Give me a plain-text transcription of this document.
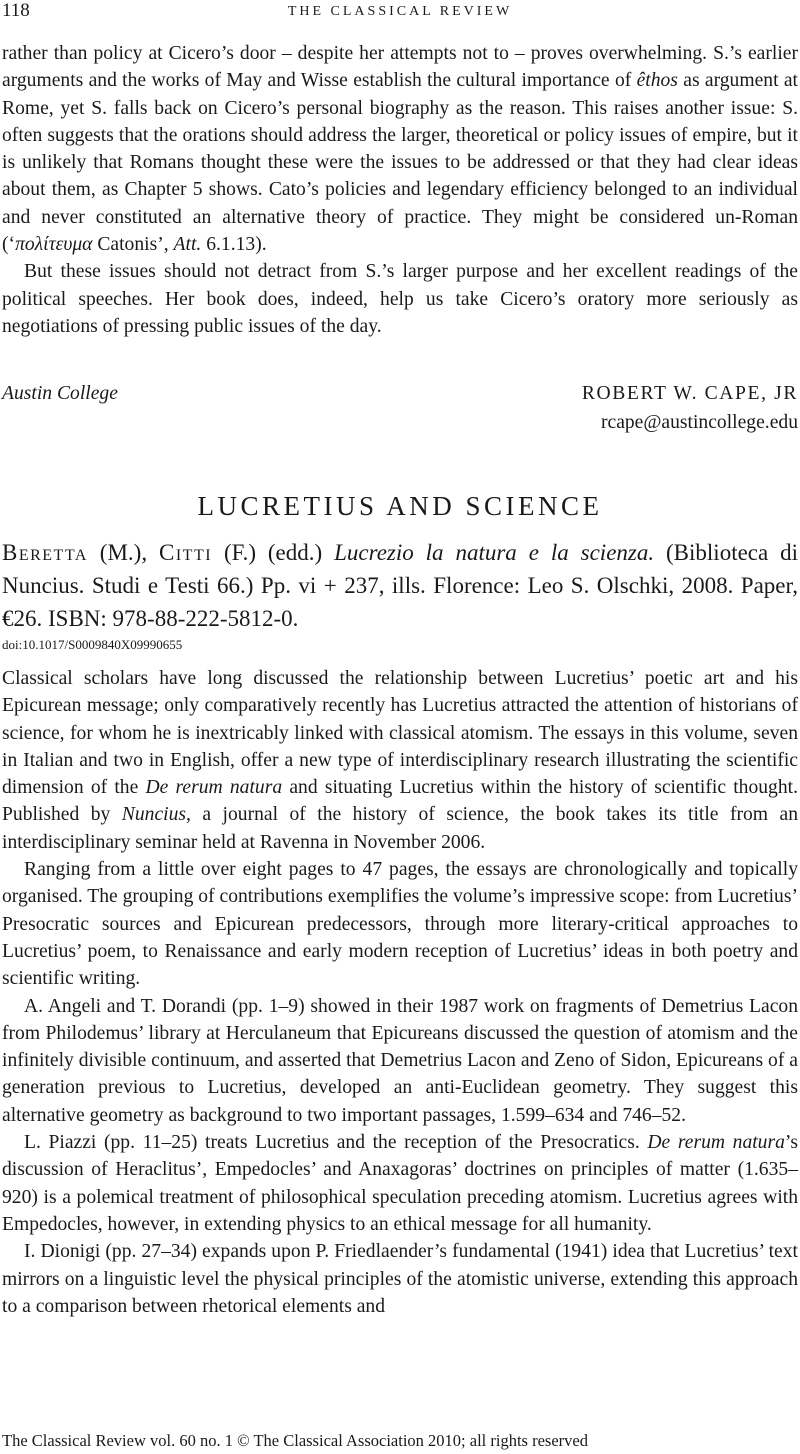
118	THE CLASSICAL REVIEW

rather than policy at Cicero’s door – despite her attempts not to – proves overwhelming. S.’s earlier arguments and the works of May and Wisse establish the cultural importance of êthos as argument at Rome, yet S. falls back on Cicero’s personal biography as the reason. This raises another issue: S. often suggests that the orations should address the larger, theoretical or policy issues of empire, but it is unlikely that Romans thought these were the issues to be addressed or that they had clear ideas about them, as Chapter 5 shows. Cato’s policies and legendary efficiency belonged to an individual and never constituted an alternative theory of practice. They might be considered un-Roman (‘πολίτευμα Catonis’, Att. 6.1.13).

But these issues should not detract from S.’s larger purpose and her excellent readings of the political speeches. Her book does, indeed, help us take Cicero’s oratory more seriously as negotiations of pressing public issues of the day.

Austin College	ROBERT W. CAPE, JR
rcape@austincollege.edu
LUCRETIUS AND SCIENCE
Beretta (M.), Citti (F.) (edd.) Lucrezio la natura e la scienza. (Biblioteca di Nuncius. Studi e Testi 66.) Pp. vi + 237, ills. Florence: Leo S. Olschki, 2008. Paper, €26. ISBN: 978-88-222-5812-0.
doi:10.1017/S0009840X09990655

Classical scholars have long discussed the relationship between Lucretius’ poetic art and his Epicurean message; only comparatively recently has Lucretius attracted the attention of historians of science, for whom he is inextricably linked with classical atomism. The essays in this volume, seven in Italian and two in English, offer a new type of interdisciplinary research illustrating the scientific dimension of the De rerum natura and situating Lucretius within the history of scientific thought. Published by Nuncius, a journal of the history of science, the book takes its title from an interdisciplinary seminar held at Ravenna in November 2006.

Ranging from a little over eight pages to 47 pages, the essays are chronologically and topically organised. The grouping of contributions exemplifies the volume’s impressive scope: from Lucretius’ Presocratic sources and Epicurean predecessors, through more literary-critical approaches to Lucretius’ poem, to Renaissance and early modern reception of Lucretius’ ideas in both poetry and scientific writing.

A. Angeli and T. Dorandi (pp. 1–9) showed in their 1987 work on fragments of Demetrius Lacon from Philodemus’ library at Herculaneum that Epicureans discussed the question of atomism and the infinitely divisible continuum, and asserted that Demetrius Lacon and Zeno of Sidon, Epicureans of a generation previous to Lucretius, developed an anti-Euclidean geometry. They suggest this alternative geometry as background to two important passages, 1.599–634 and 746–52.

L. Piazzi (pp. 11–25) treats Lucretius and the reception of the Presocratics. De rerum natura’s discussion of Heraclitus’, Empedocles’ and Anaxagoras’ doctrines on principles of matter (1.635–920) is a polemical treatment of philosophical speculation preceding atomism. Lucretius agrees with Empedocles, however, in extending physics to an ethical message for all humanity.

I. Dionigi (pp. 27–34) expands upon P. Friedlaender’s fundamental (1941) idea that Lucretius’ text mirrors on a linguistic level the physical principles of the atomistic universe, extending this approach to a comparison between rhetorical elements and

The Classical Review vol. 60 no. 1 © The Classical Association 2010; all rights reserved
